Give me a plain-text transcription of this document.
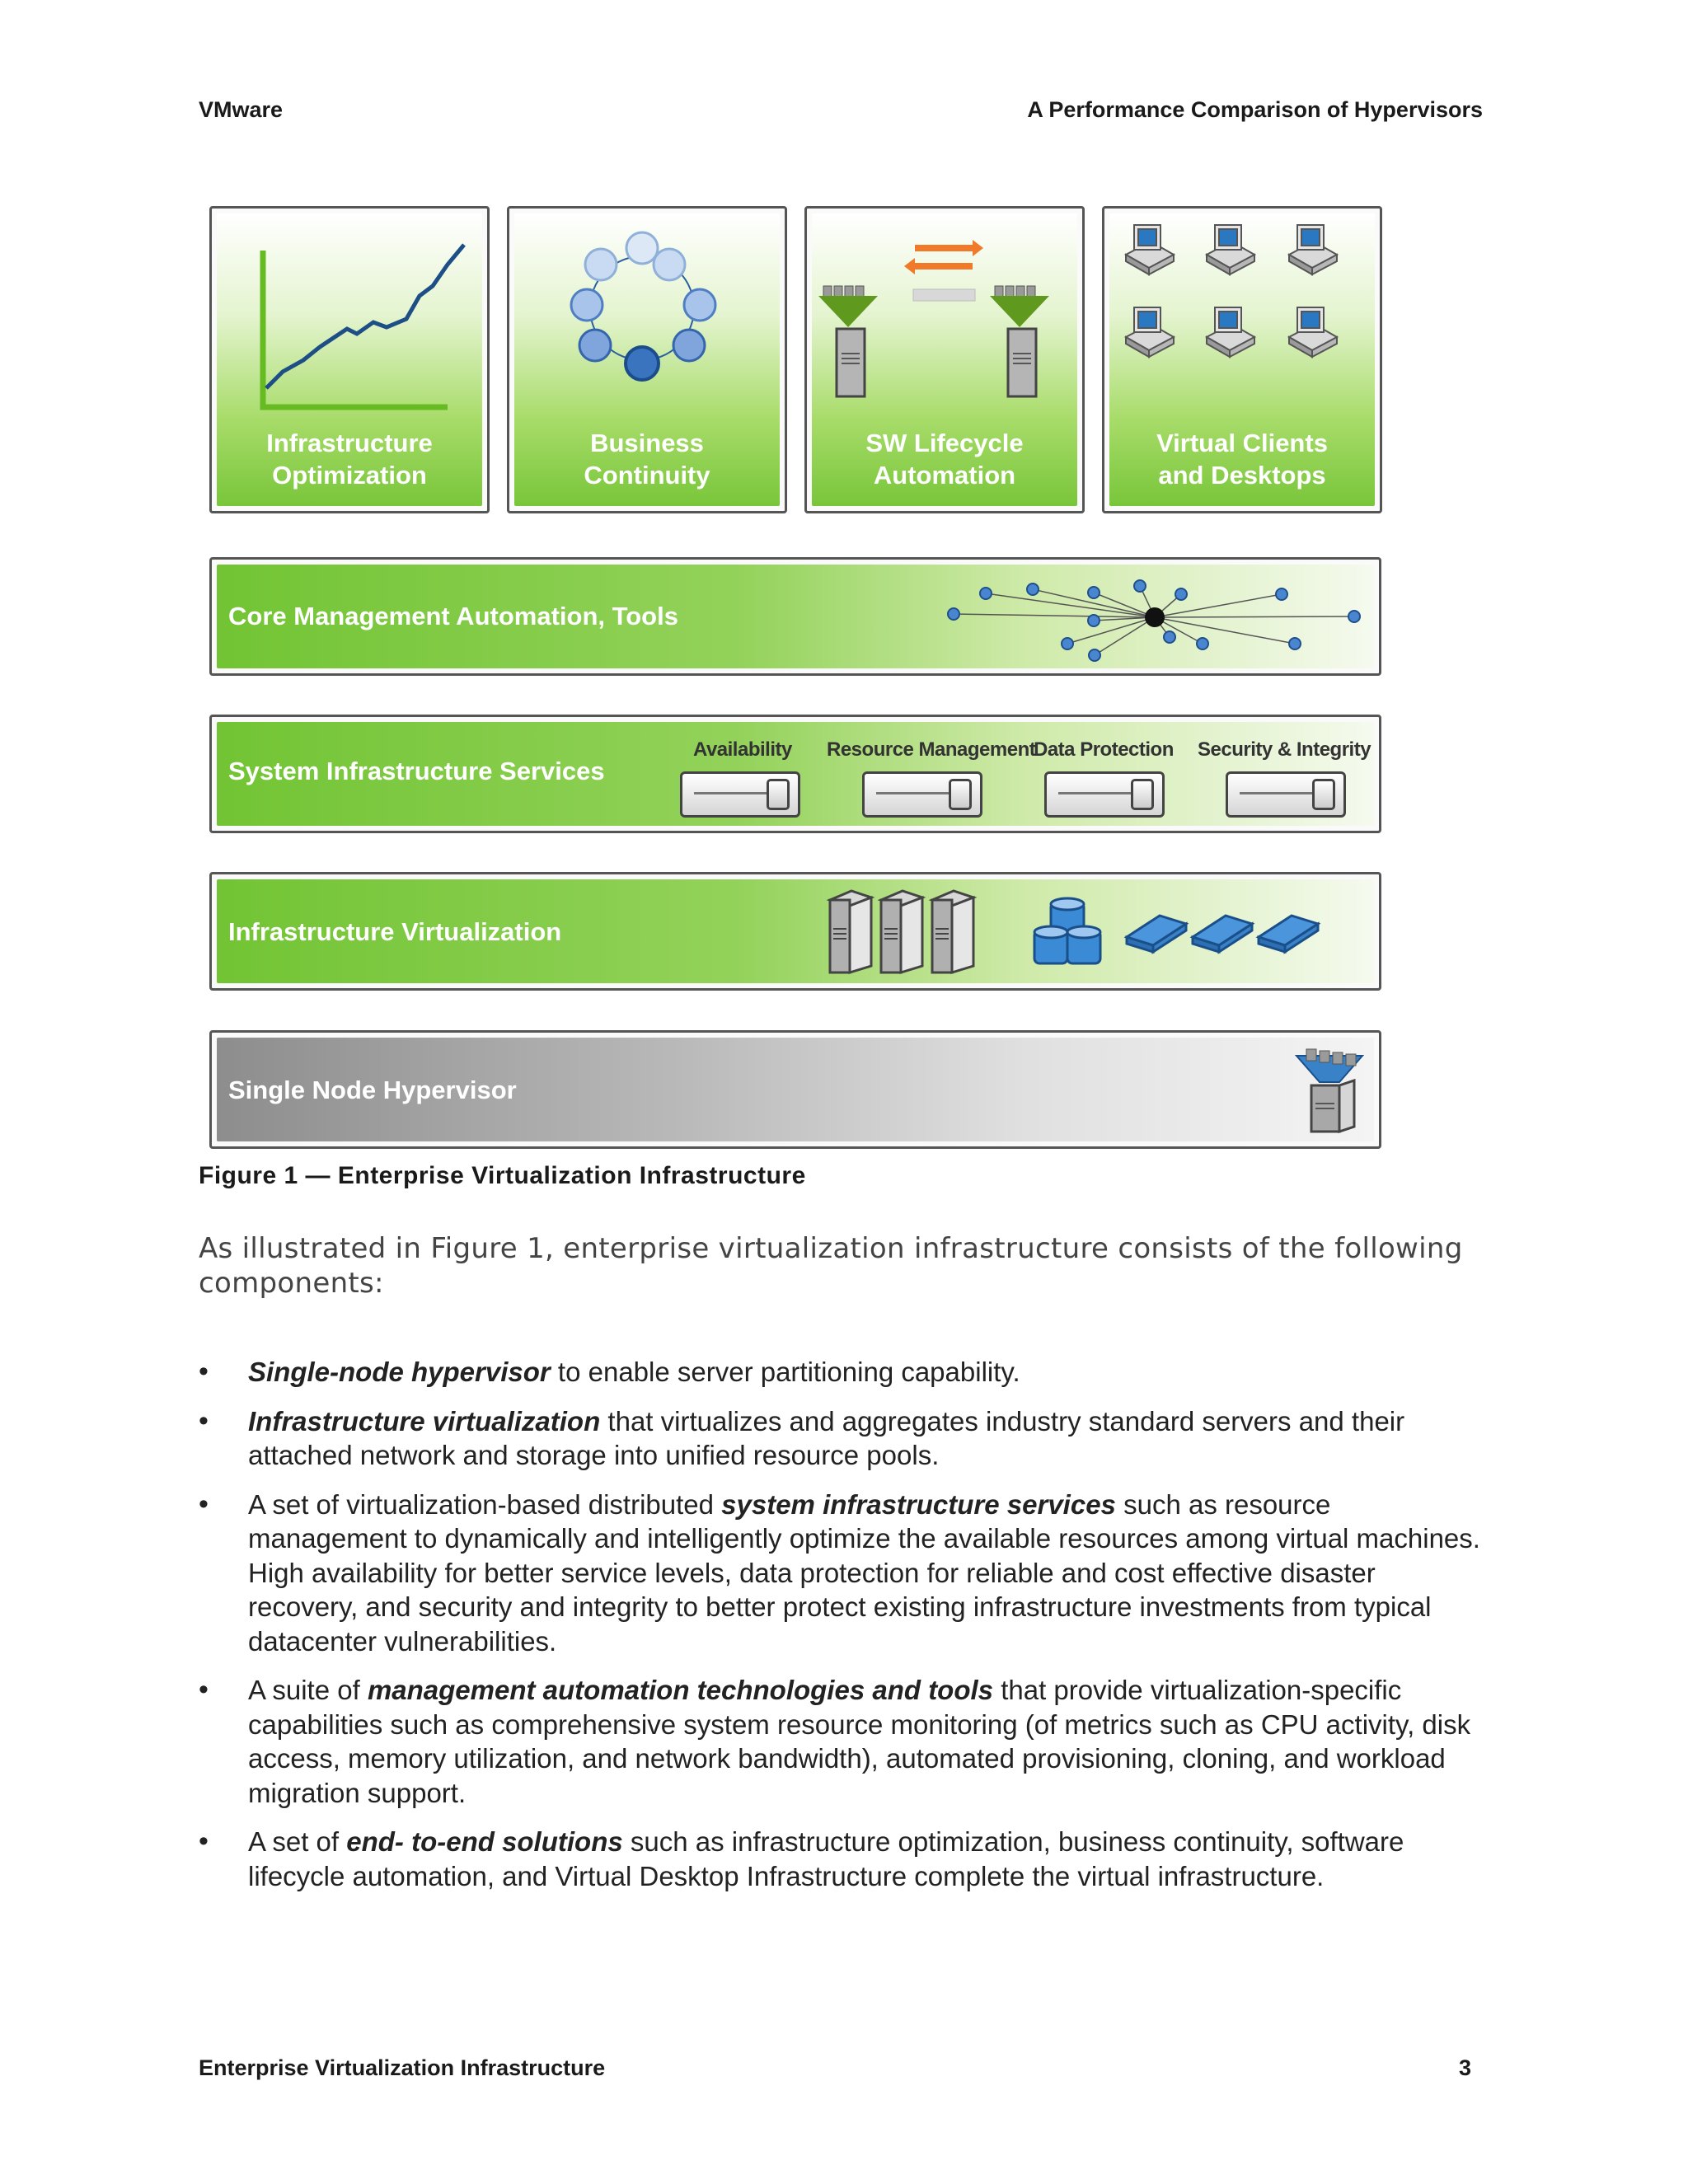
VMware	A Performance Comparison of Hypervisors
Infrastructure
Optimization
Business
Continuity
SW Lifecycle
Automation
Virtual Clients
and Desktops
Core Management Automation, Tools
System Infrastructure Services
Availability Resource Management
Data Protection Security & Integrity
Infrastructure Virtualization
Single Node Hypervisor
Figure 1 — Enterprise Virtualization Infrastructure
As illustrated in Figure 1, enterprise virtualization infrastructure consists of the following components:
• Single-node hypervisor to enable server partitioning capability.
• Infrastructure virtualization that virtualizes and aggregates industry standard servers and their attached network and storage into unified resource pools.
• A set of virtualization-based distributed system infrastructure services such as resource management to dynamically and intelligently optimize the available resources among virtual machines. High availability for better service levels, data protection for reliable and cost effective disaster recovery, and security and integrity to better protect existing infrastructure investments from typical datacenter vulnerabilities.
• A suite of management automation technologies and tools that provide virtualization-specific capabilities such as comprehensive system resource monitoring (of metrics such as CPU activity, disk access, memory utilization, and network bandwidth), automated provisioning, cloning, and workload migration support.
• A set of end- to-end solutions such as infrastructure optimization, business continuity, software lifecycle automation, and Virtual Desktop Infrastructure complete the virtual infrastructure.
Enterprise Virtualization Infrastructure	3
